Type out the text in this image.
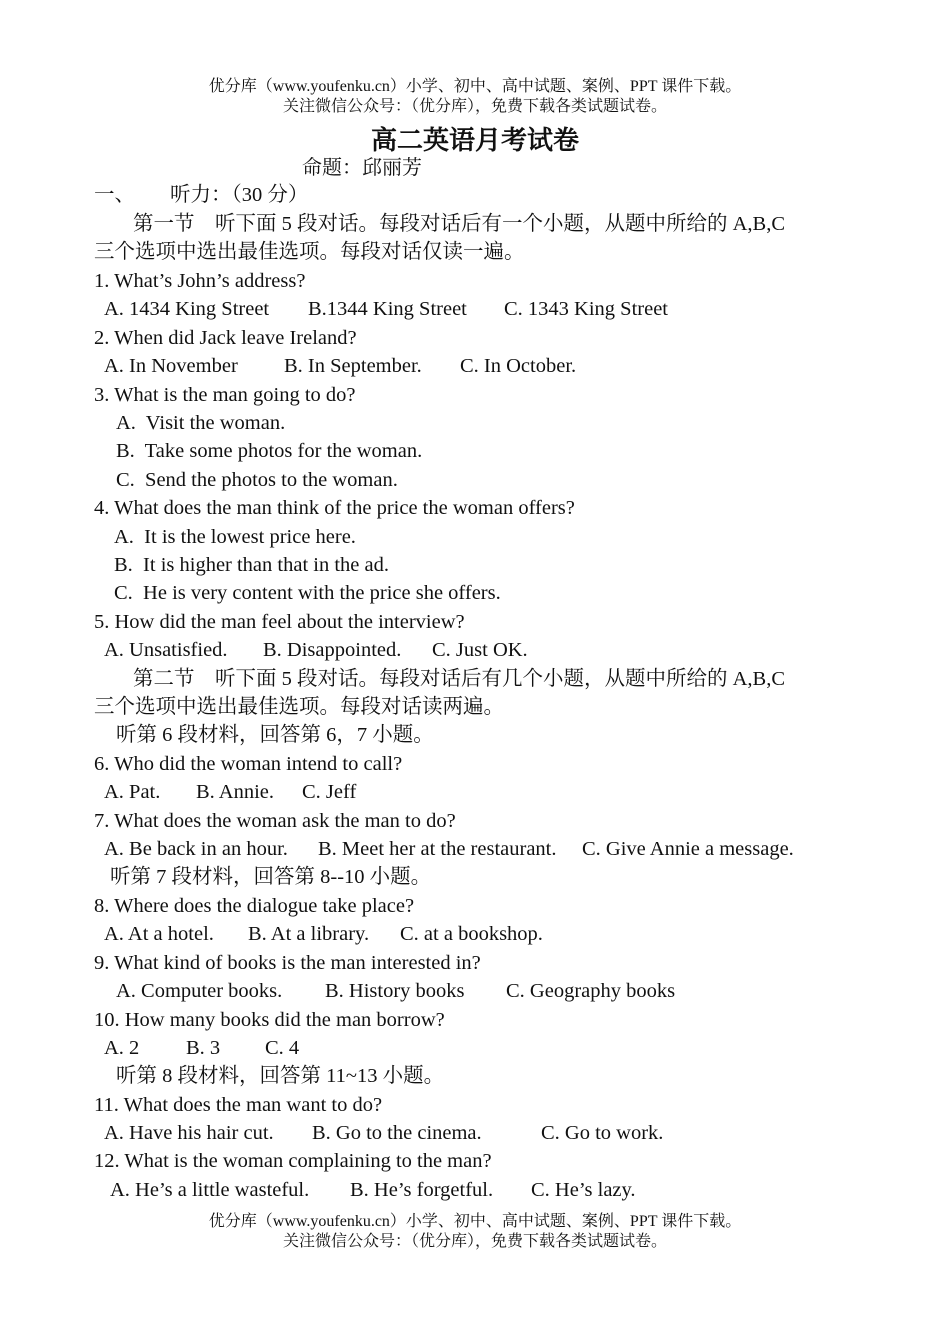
优分库（www.youfenku.cn）小学、初中、高中试题、案例、PPT 课件下载。
关注微信公众号：（优分库），免费下载各类试题试卷。
高二英语月考试卷
命题：邱丽芳
一、 听力：（30 分）
第一节　听下面 5 段对话。每段对话后有一个小题，从题中所给的 A,B,C
三个选项中选出最佳选项。每段对话仅读一遍。
1. What’s John’s address?
A. 1434 King Street B.1344 King Street C. 1343 King Street
2. When did Jack leave Ireland?
A. In November B. In September. C. In October.
3. What is the man going to do?
A.  Visit the woman.
B.  Take some photos for the woman.
C.  Send the photos to the woman.
4. What does the man think of the price the woman offers?
A.  It is the lowest price here.
B.  It is higher than that in the ad.
C.  He is very content with the price she offers.
5. How did the man feel about the interview?
A. Unsatisfied. B. Disappointed. C. Just OK.
第二节　听下面 5 段对话。每段对话后有几个小题，从题中所给的 A,B,C
三个选项中选出最佳选项。每段对话读两遍。
听第 6 段材料，回答第 6，7 小题。
6. Who did the woman intend to call?
A. Pat. B. Annie. C. Jeff
7. What does the woman ask the man to do?
A. Be back in an hour. B. Meet her at the restaurant. C. Give Annie a message.
听第 7 段材料，回答第 8--10 小题。
8. Where does the dialogue take place?
A. At a hotel. B. At a library. C. at a bookshop.
9. What kind of books is the man interested in?
A. Computer books. B. History books C. Geography books
10. How many books did the man borrow?
A. 2 B. 3 C. 4
听第 8 段材料，回答第 11~13 小题。
11. What does the man want to do?
A. Have his hair cut. B. Go to the cinema.	C. Go to work.
12. What is the woman complaining to the man?
A. He’s a little wasteful. B. He’s forgetful. C. He’s lazy.
优分库（www.youfenku.cn）小学、初中、高中试题、案例、PPT 课件下载。
关注微信公众号：（优分库），免费下载各类试题试卷。
